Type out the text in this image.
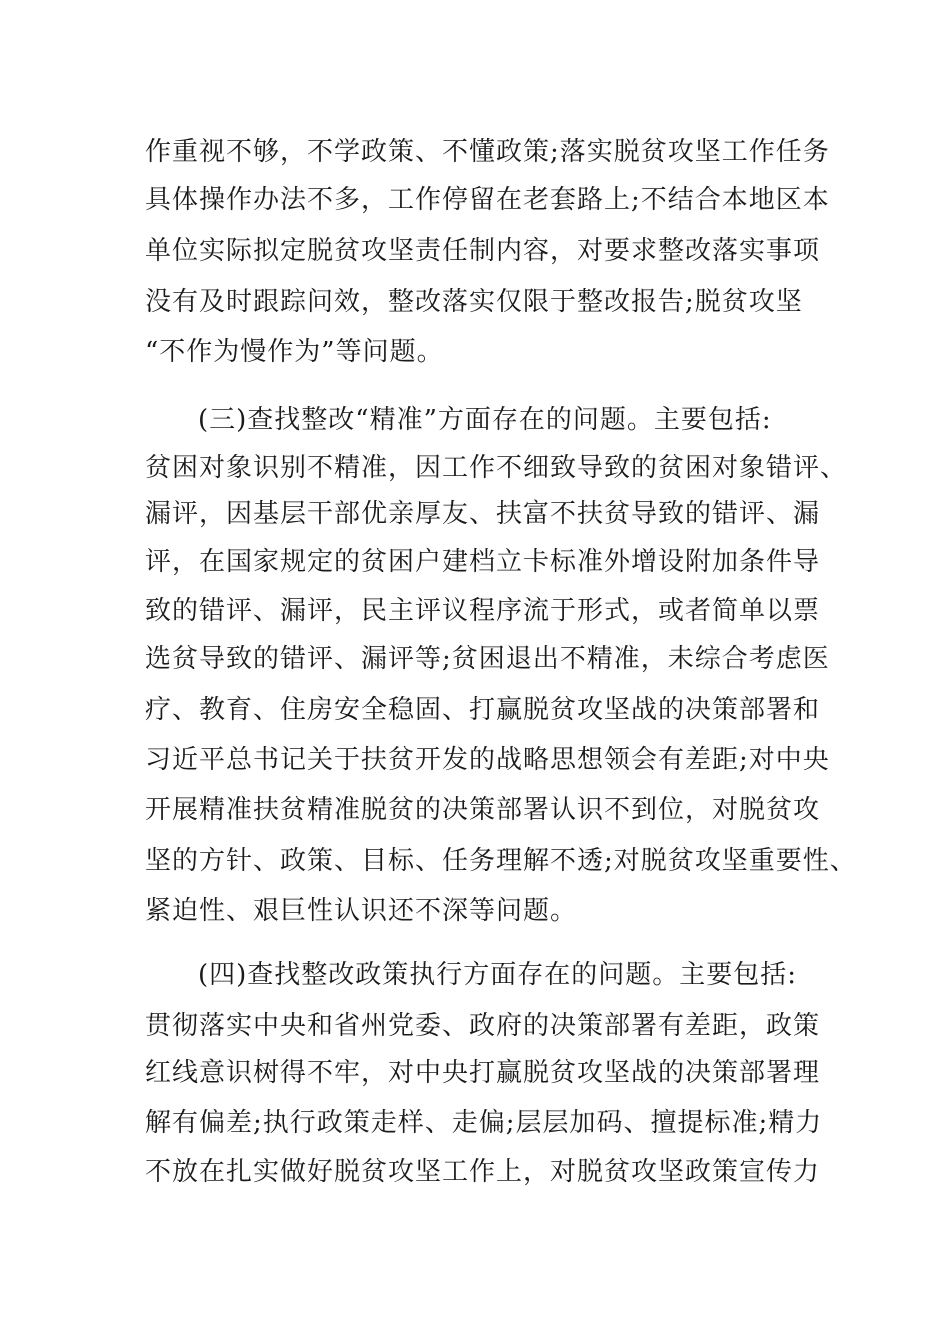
作重视不够，不学政策、不懂政策;落实脱贫攻坚工作任务
具体操作办法不多，工作停留在老套路上;不结合本地区本
单位实际拟定脱贫攻坚责任制内容，对要求整改落实事项
没有及时跟踪问效，整改落实仅限于整改报告;脱贫攻坚
“不作为慢作为”等问题。
(三)查找整改“精准”方面存在的问题。主要包括:
贫困对象识别不精准，因工作不细致导致的贫困对象错评、
漏评，因基层干部优亲厚友、扶富不扶贫导致的错评、漏
评，在国家规定的贫困户建档立卡标准外增设附加条件导
致的错评、漏评，民主评议程序流于形式，或者简单以票
选贫导致的错评、漏评等;贫困退出不精准，未综合考虑医
疗、教育、住房安全稳固、打赢脱贫攻坚战的决策部署和
习近平总书记关于扶贫开发的战略思想领会有差距;对中央
开展精准扶贫精准脱贫的决策部署认识不到位，对脱贫攻
坚的方针、政策、目标、任务理解不透;对脱贫攻坚重要性、
紧迫性、艰巨性认识还不深等问题。
(四)查找整改政策执行方面存在的问题。主要包括:
贯彻落实中央和省州党委、政府的决策部署有差距，政策
红线意识树得不牢，对中央打赢脱贫攻坚战的决策部署理
解有偏差;执行政策走样、走偏;层层加码、擅提标准;精力
不放在扎实做好脱贫攻坚工作上，对脱贫攻坚政策宣传力
